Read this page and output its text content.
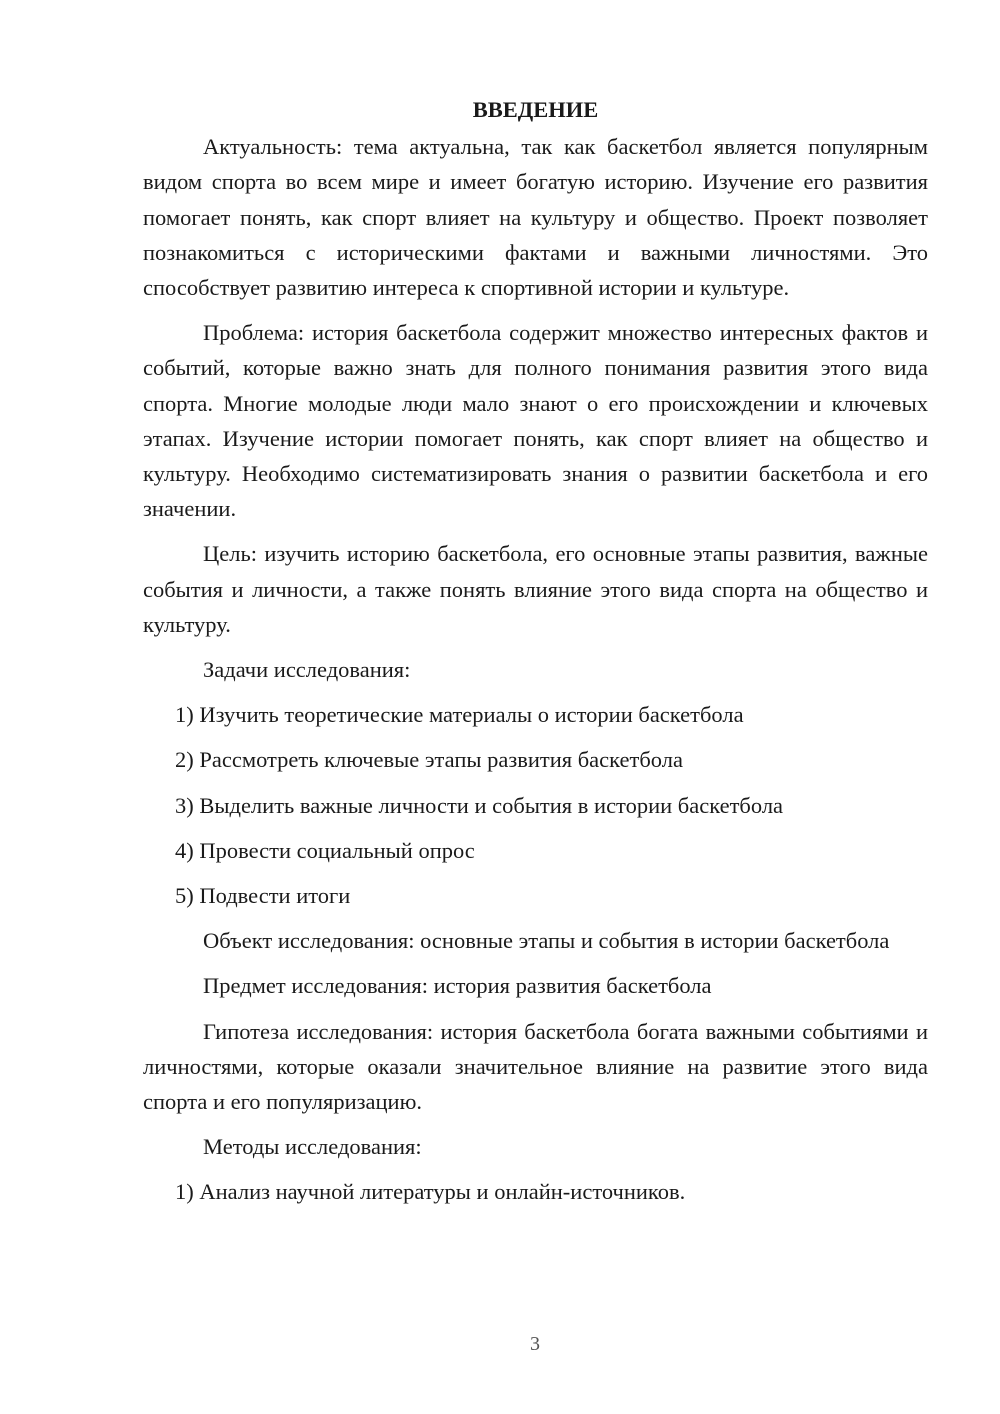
ВВЕДЕНИЕ

Актуальность: тема актуальна, так как баскетбол является популярным видом спорта во всем мире и имеет богатую историю. Изучение его развития помогает понять, как спорт влияет на культуру и общество. Проект позволяет познакомиться с историческими фактами и важными личностями. Это способствует развитию интереса к спортивной истории и культуре.

Проблема: история баскетбола содержит множество интересных фактов и событий, которые важно знать для полного понимания развития этого вида спорта. Многие молодые люди мало знают о его происхождении и ключевых этапах. Изучение истории помогает понять, как спорт влияет на общество и культуру. Необходимо систематизировать знания о развитии баскетбола и его значении.

Цель: изучить историю баскетбола, его основные этапы развития, важные события и личности, а также понять влияние этого вида спорта на общество и культуру.

Задачи исследования:

1) Изучить теоретические материалы о истории баскетбола
2) Рассмотреть ключевые этапы развития баскетбола
3) Выделить важные личности и события в истории баскетбола
4) Провести социальный опрос
5) Подвести итоги

Объект исследования: основные этапы и события в истории баскетбола

Предмет исследования: история развития баскетбола

Гипотеза исследования: история баскетбола богата важными событиями и личностями, которые оказали значительное влияние на развитие этого вида спорта и его популяризацию.

Методы исследования:

1) Анализ научной литературы и онлайн-источников.
3
